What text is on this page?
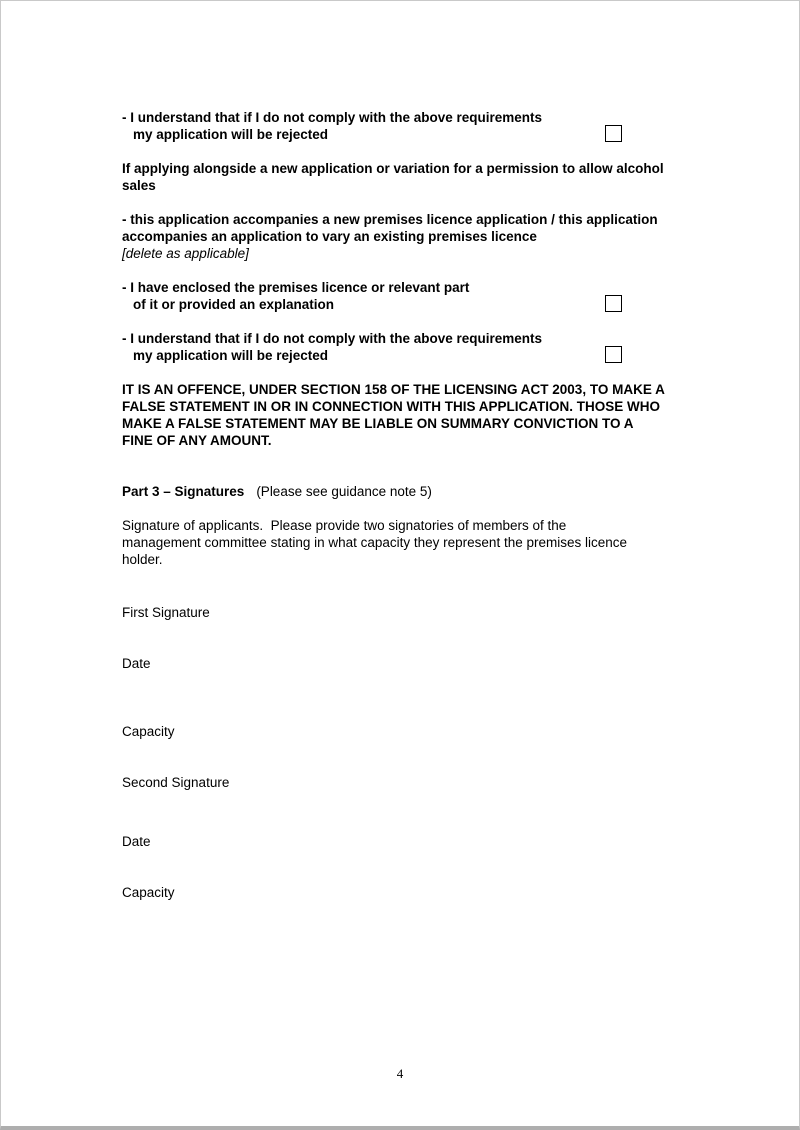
- I understand that if I do not comply with the above requirements
my application will be rejected

If applying alongside a new application or variation for a permission to allow alcohol sales

- this application accompanies a new premises licence application / this application accompanies an application to vary an existing premises licence
[delete as applicable]
- I have enclosed the premises licence or relevant part
of it or provided an explanation
- I understand that if I do not comply with the above requirements
my application will be rejected

IT IS AN OFFENCE, UNDER SECTION 158 OF THE LICENSING ACT 2003, TO MAKE A FALSE STATEMENT IN OR IN CONNECTION WITH THIS APPLICATION. THOSE WHO MAKE A FALSE STATEMENT MAY BE LIABLE ON SUMMARY CONVICTION TO A FINE OF ANY AMOUNT.

Part 3 – Signatures (Please see guidance note 5)

Signature of applicants.  Please provide two signatories of members of the management committee stating in what capacity they represent the premises licence holder.

First Signature
Date
Capacity
Second Signature
Date
Capacity
4
